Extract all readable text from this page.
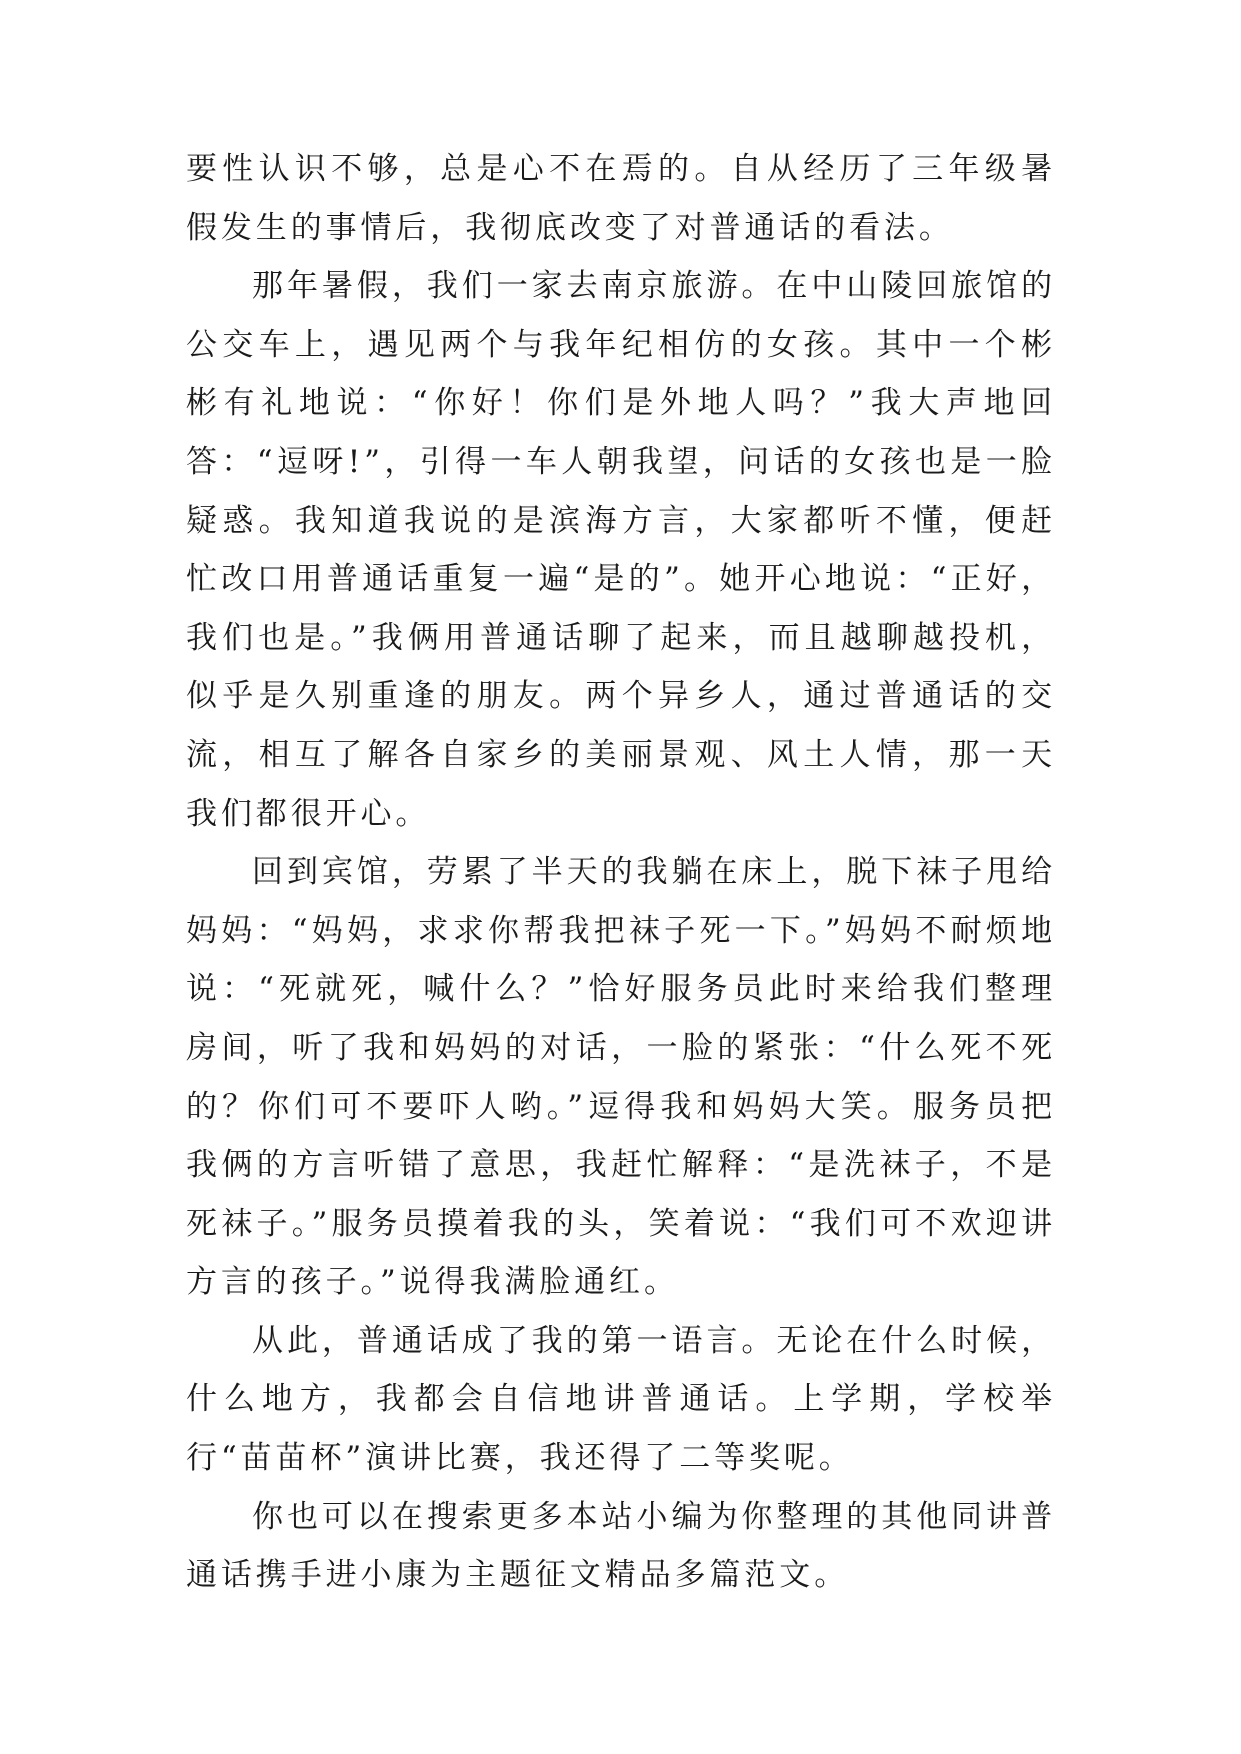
要性认识不够，总是心不在焉的。自从经历了三年级暑假发生的事情后，我彻底改变了对普通话的看法。

那年暑假，我们一家去南京旅游。在中山陵回旅馆的公交车上，遇见两个与我年纪相仿的女孩。其中一个彬彬有礼地说：“你好！你们是外地人吗？”我大声地回答：“逗呀!”，引得一车人朝我望，问话的女孩也是一脸疑惑。我知道我说的是滨海方言，大家都听不懂，便赶忙改口用普通话重复一遍“是的”。她开心地说：“正好，我们也是。”我俩用普通话聊了起来，而且越聊越投机，似乎是久别重逢的朋友。两个异乡人，通过普通话的交流，相互了解各自家乡的美丽景观、风土人情，那一天我们都很开心。

回到宾馆，劳累了半天的我躺在床上，脱下袜子甩给妈妈：“妈妈，求求你帮我把袜子死一下。”妈妈不耐烦地说：“死就死，喊什么？”恰好服务员此时来给我们整理房间，听了我和妈妈的对话，一脸的紧张：“什么死不死的？你们可不要吓人哟。”逗得我和妈妈大笑。服务员把我俩的方言听错了意思，我赶忙解释：“是洗袜子，不是死袜子。”服务员摸着我的头，笑着说：“我们可不欢迎讲方言的孩子。”说得我满脸通红。

从此，普通话成了我的第一语言。无论在什么时候，什么地方，我都会自信地讲普通话。上学期，学校举行“苗苗杯”演讲比赛，我还得了二等奖呢。

你也可以在搜索更多本站小编为你整理的其他同讲普通话携手进小康为主题征文精品多篇范文。
